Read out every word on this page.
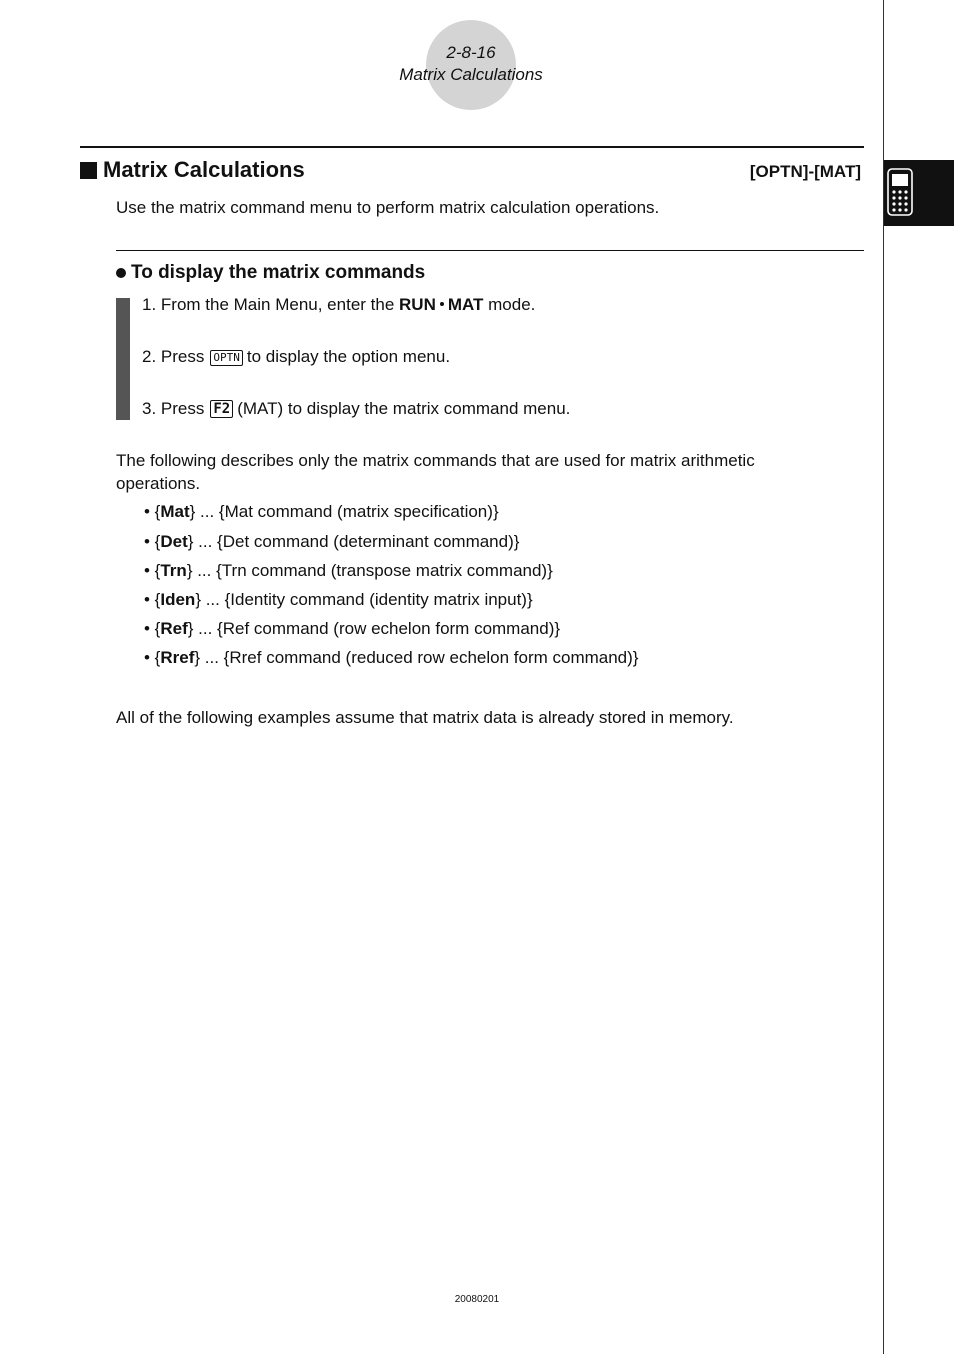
2-8-16
Matrix Calculations
Matrix Calculations	[OPTN]-[MAT]
Use the matrix command menu to perform matrix calculation operations.
To display the matrix commands
1. From the Main Menu, enter the RUN MAT mode.
2. Press OPTN to display the option menu.
3. Press F2 (MAT) to display the matrix command menu.
The following describes only the matrix commands that are used for matrix arithmetic operations.
• {Mat} ... {Mat command (matrix specification)}
• {Det} ... {Det command (determinant command)}
• {Trn} ... {Trn command (transpose matrix command)}
• {Iden} ... {Identity command (identity matrix input)}
• {Ref} ... {Ref command (row echelon form command)}
• {Rref} ... {Rref command (reduced row echelon form command)}
All of the following examples assume that matrix data is already stored in memory.
20080201
